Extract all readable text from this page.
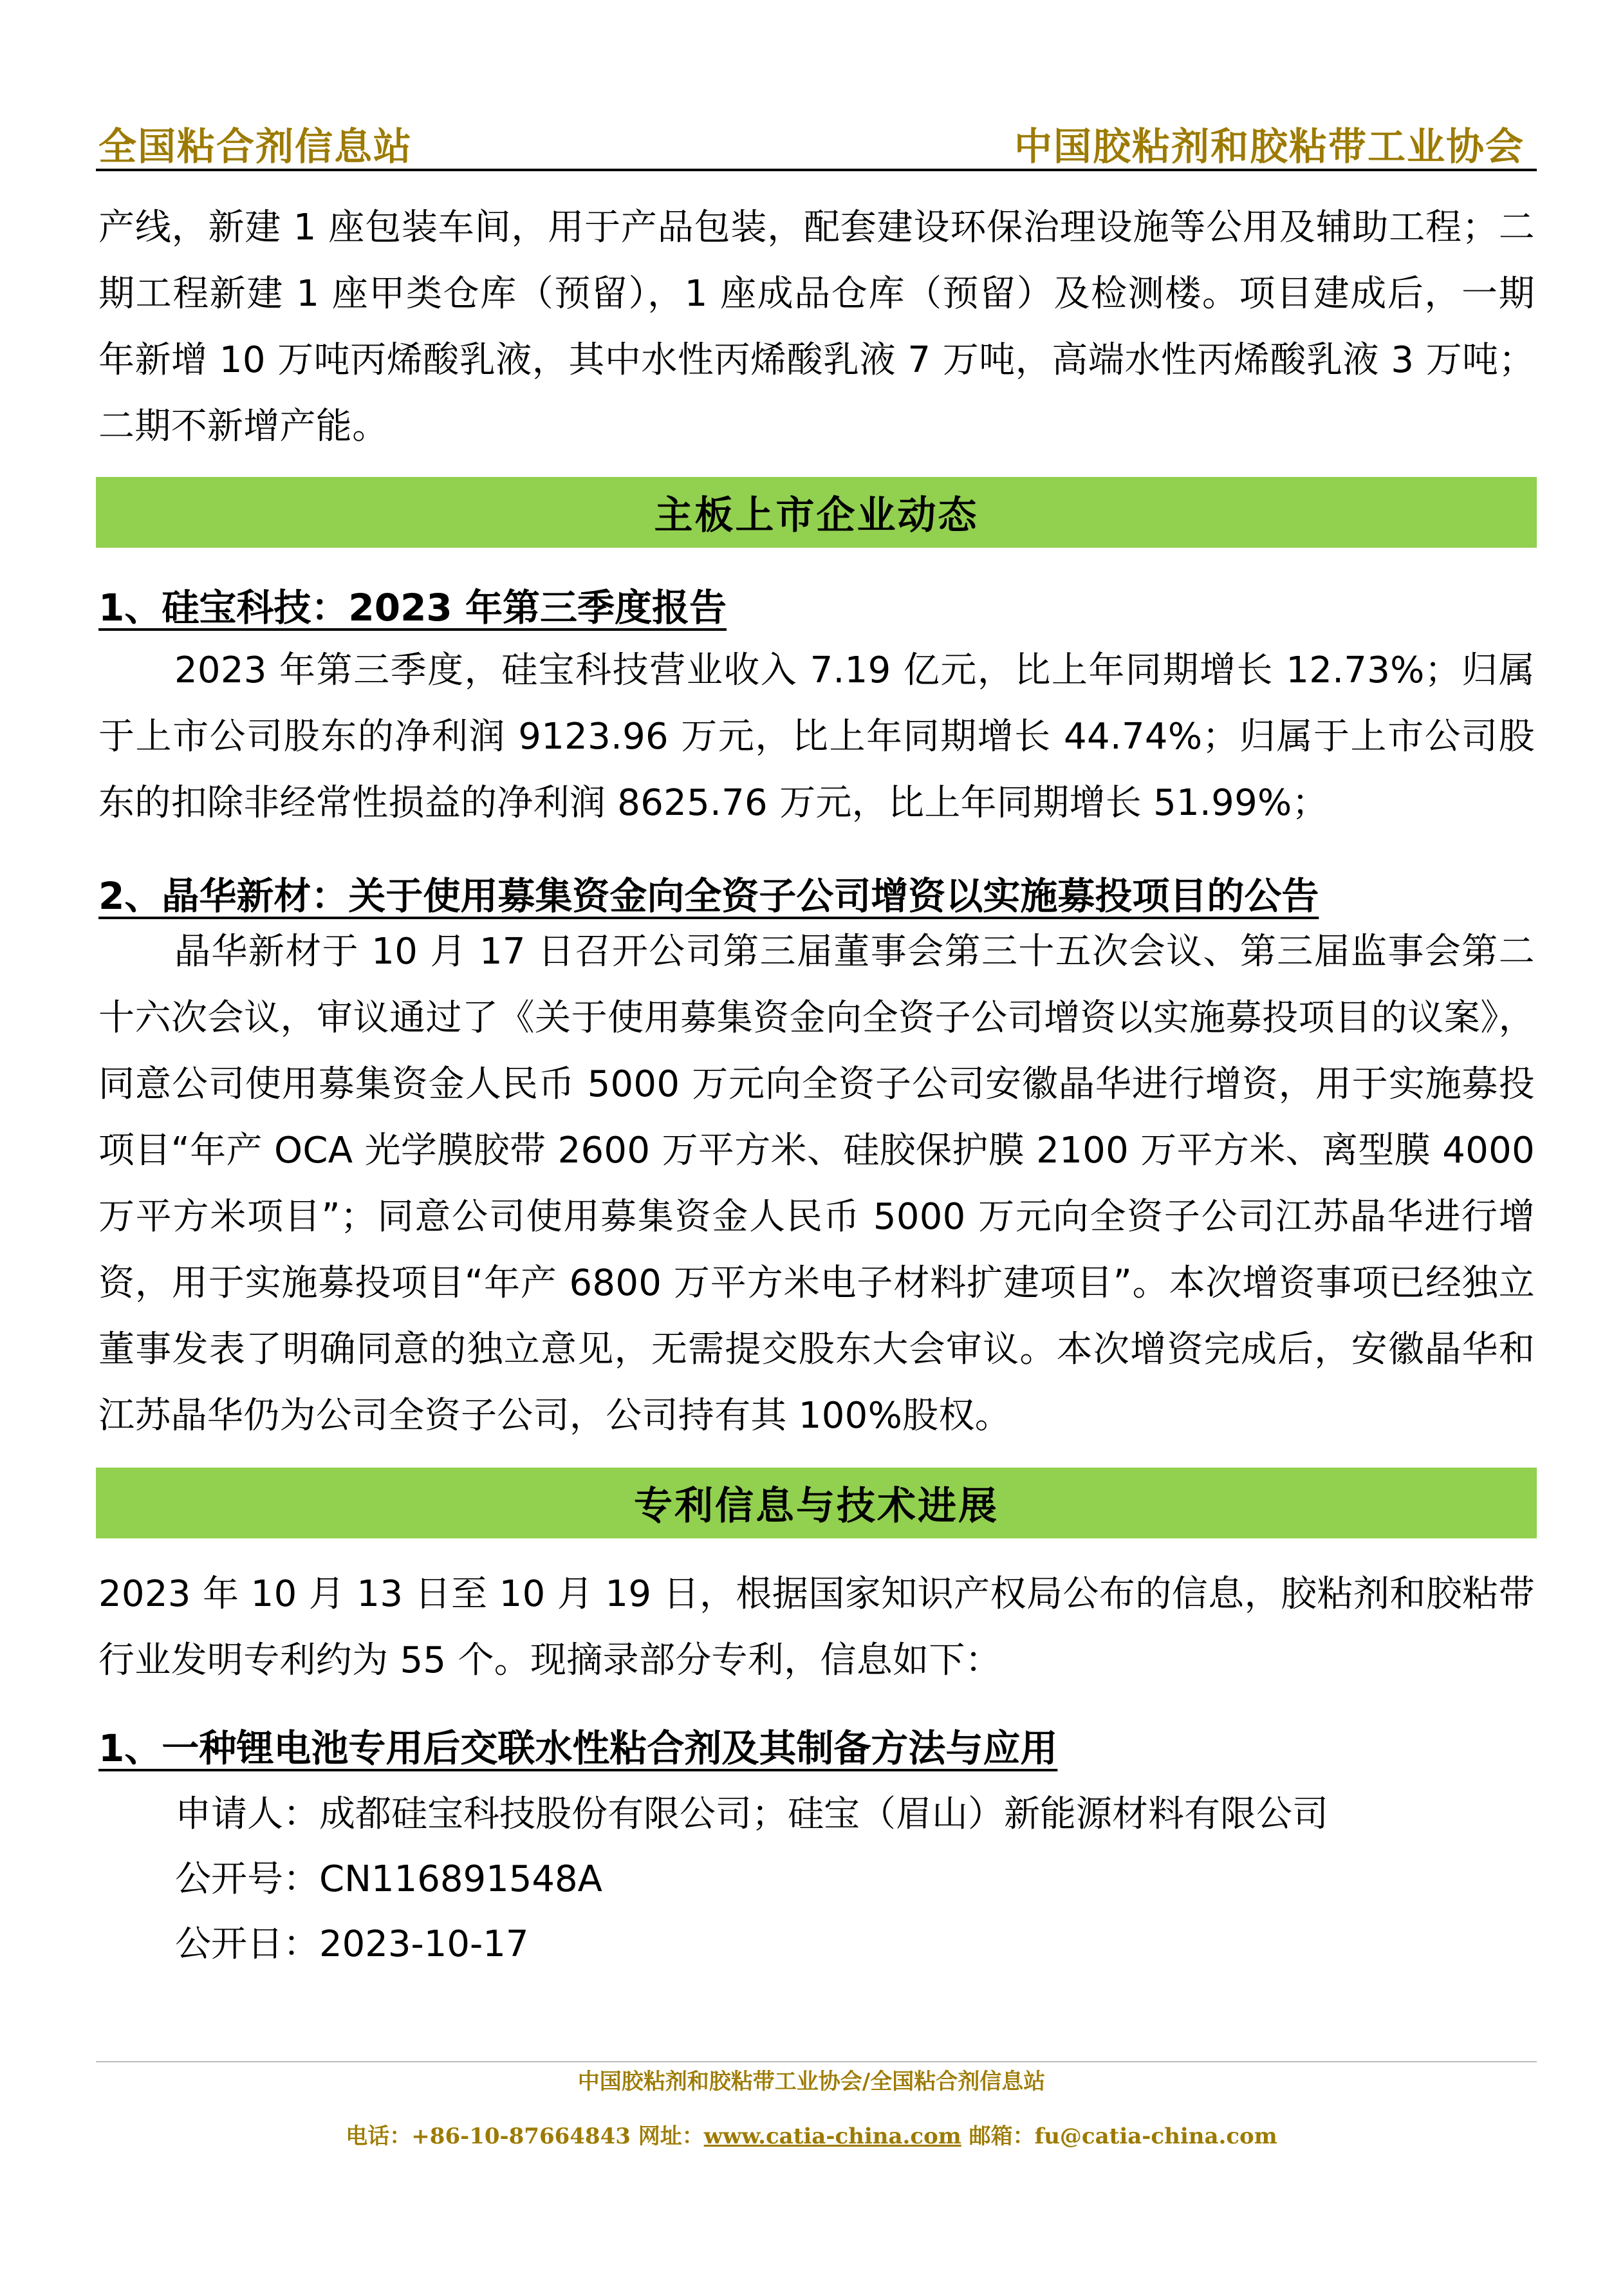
全国粘合剂信息站	中国胶粘剂和胶粘带工业协会
产线，新建 1 座包装车间，用于产品包装，配套建设环保治理设施等公用及辅助工程；二期工程新建 1 座甲类仓库（预留），1 座成品仓库（预留）及检测楼。项目建成后，一期年新增 10 万吨丙烯酸乳液，其中水性丙烯酸乳液 7 万吨，高端水性丙烯酸乳液 3 万吨；二期不新增产能。
主板上市企业动态
1、硅宝科技：2023 年第三季度报告
2023 年第三季度，硅宝科技营业收入 7.19 亿元，比上年同期增长 12.73%；归属于上市公司股东的净利润 9123.96 万元，比上年同期增长 44.74%；归属于上市公司股东的扣除非经常性损益的净利润 8625.76 万元，比上年同期增长 51.99%；
2、晶华新材：关于使用募集资金向全资子公司增资以实施募投项目的公告
晶华新材于 10 月 17 日召开公司第三届董事会第三十五次会议、第三届监事会第二十六次会议，审议通过了《关于使用募集资金向全资子公司增资以实施募投项目的议案》，同意公司使用募集资金人民币 5000 万元向全资子公司安徽晶华进行增资，用于实施募投项目“年产 OCA 光学膜胶带 2600 万平方米、硅胶保护膜 2100 万平方米、离型膜 4000 万平方米项目”；同意公司使用募集资金人民币 5000 万元向全资子公司江苏晶华进行增资，用于实施募投项目“年产 6800 万平方米电子材料扩建项目”。本次增资事项已经独立董事发表了明确同意的独立意见，无需提交股东大会审议。本次增资完成后，安徽晶华和江苏晶华仍为公司全资子公司，公司持有其 100%股权。
专利信息与技术进展
2023 年 10 月 13 日至 10 月 19 日，根据国家知识产权局公布的信息，胶粘剂和胶粘带行业发明专利约为 55 个。现摘录部分专利，信息如下：
1、一种锂电池专用后交联水性粘合剂及其制备方法与应用
申请人：成都硅宝科技股份有限公司；硅宝（眉山）新能源材料有限公司
公开号：CN116891548A
公开日：2023-10-17
中国胶粘剂和胶粘带工业协会/全国粘合剂信息站
电话：+86-10-87664843 网址：www.catia-china.com 邮箱：fu@catia-china.com
